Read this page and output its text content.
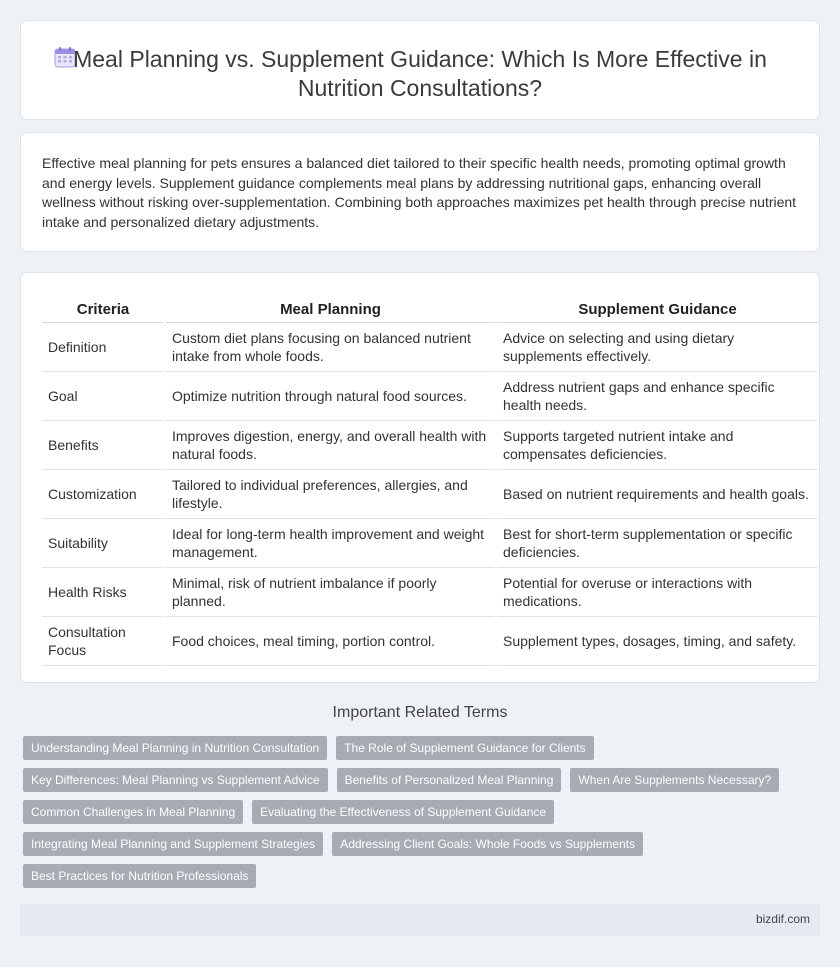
Meal Planning vs. Supplement Guidance: Which Is More Effective in Nutrition Consultations?

Effective meal planning for pets ensures a balanced diet tailored to their specific health needs, promoting optimal growth and energy levels. Supplement guidance complements meal plans by addressing nutritional gaps, enhancing overall wellness without risking over-supplementation. Combining both approaches maximizes pet health through precise nutrient intake and personalized dietary adjustments.

Criteria	Meal Planning	Supplement Guidance
Definition	Custom diet plans focusing on balanced nutrient intake from whole foods.	Advice on selecting and using dietary supplements effectively.
Goal	Optimize nutrition through natural food sources.	Address nutrient gaps and enhance specific health needs.
Benefits	Improves digestion, energy, and overall health with natural foods.	Supports targeted nutrient intake and compensates deficiencies.
Customization	Tailored to individual preferences, allergies, and lifestyle.	Based on nutrient requirements and health goals.
Suitability	Ideal for long-term health improvement and weight management.	Best for short-term supplementation or specific deficiencies.
Health Risks	Minimal, risk of nutrient imbalance if poorly planned.	Potential for overuse or interactions with medications.
Consultation Focus	Food choices, meal timing, portion control.	Supplement types, dosages, timing, and safety.
Important Related Terms
Understanding Meal Planning in Nutrition Consultation	The Role of Supplement Guidance for Clients
Key Differences: Meal Planning vs Supplement Advice	Benefits of Personalized Meal Planning	When Are Supplements Necessary?
Common Challenges in Meal Planning	Evaluating the Effectiveness of Supplement Guidance
Integrating Meal Planning and Supplement Strategies	Addressing Client Goals: Whole Foods vs Supplements
Best Practices for Nutrition Professionals
bizdif.com
